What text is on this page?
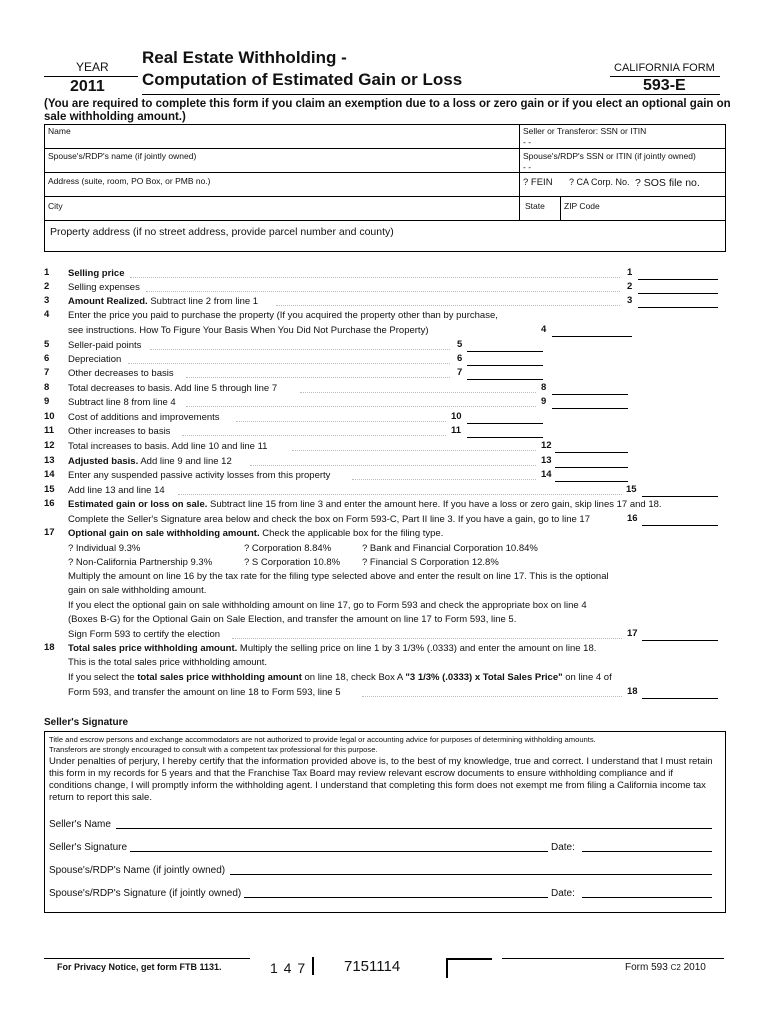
YEAR
2011
Real Estate Withholding -
Computation of Estimated Gain or Loss
CALIFORNIA FORM
593-E
(You are required to complete this form if you claim an exemption due to a loss or zero gain or if you elect an optional gain on sale withholding amount.)
Name	Seller or Transferor: SSN or ITIN
- -
Spouse's/RDP's name (if jointly owned)	Spouse's/RDP's SSN or ITIN (if jointly owned)
- -
Address (suite, room, PO Box, or PMB no.)	? FEIN ? CA Corp. No. ? SOS file no.
City	State ZIP Code
Property address (if no street address, provide parcel number and county)
1
2
3
4
5
6
7
8
9
10
11
12
13
14
15
16
17
18
Selling price	1
Selling expenses	2
Amount Realized. Subtract line 2 from line 1	3
Enter the price you paid to purchase the property (If you acquired the property other than by purchase,
see instructions. How To Figure Your Basis When You Did Not Purchase the Property)	4
Seller-paid points	5
Depreciation	6
Other decreases to basis	7
Total decreases to basis. Add line 5 through line 7	8
Subtract line 8 from line 4	9
Cost of additions and improvements	10
Other increases to basis	11
Total increases to basis. Add line 10 and line 11	12
Adjusted basis. Add line 9 and line 12	13
Enter any suspended passive activity losses from this property	14
Add line 13 and line 14	15
Estimated gain or loss on sale. Subtract line 15 from line 3 and enter the amount here. If you have a loss or zero gain, skip lines 17 and 18.
Complete the Seller's Signature area below and check the box on Form 593-C, Part II line 3. If you have a gain, go to line 17	16
Optional gain on sale withholding amount. Check the applicable box for the filing type.
? Individual 9.3%	? Corporation 8.84%	? Bank and Financial Corporation 10.84%
? Non-California Partnership 9.3%	? S Corporation 10.8% ? Financial S Corporation 12.8%
Multiply the amount on line 16 by the tax rate for the filing type selected above and enter the result on line 17. This is the optional
gain on sale withholding amount.
If you elect the optional gain on sale withholding amount on line 17, go to Form 593 and check the appropriate box on line 4
(Boxes B-G) for the Optional Gain on Sale Election, and transfer the amount on line 17 to Form 593, line 5.
Sign Form 593 to certify the election	17
Total sales price withholding amount. Multiply the selling price on line 1 by 3 1/3% (.0333) and enter the amount on line 18.
This is the total sales price withholding amount.
If you select the total sales price withholding amount on line 18, check Box A "3 1/3% (.0333) x Total Sales Price" on line 4 of
Form 593, and transfer the amount on line 18 to Form 593, line 5	18
Seller's Signature
Title and escrow persons and exchange accommodators are not authorized to provide legal or accounting advice for purposes of determining withholding amounts.
Transferors are strongly encouraged to consult with a competent tax professional for this purpose.
Under penalties of perjury, I hereby certify that the information provided above is, to the best of my knowledge, true and correct. I understand that I must retain this form in my records for 5 years and that the Franchise Tax Board may review relevant escrow documents to ensure withholding compliance and if conditions change, I will promptly inform the withholding agent. I understand that completing this form does not exempt me from filing a California income tax return to report this sale.
Seller's Name
Seller's Signature	Date:
Spouse's/RDP's Name (if jointly owned)
Spouse's/RDP's Signature (if jointly owned)	Date:
For Privacy Notice, get form FTB 1131.	1 4 7	7151114	Form 593 C2 2010
